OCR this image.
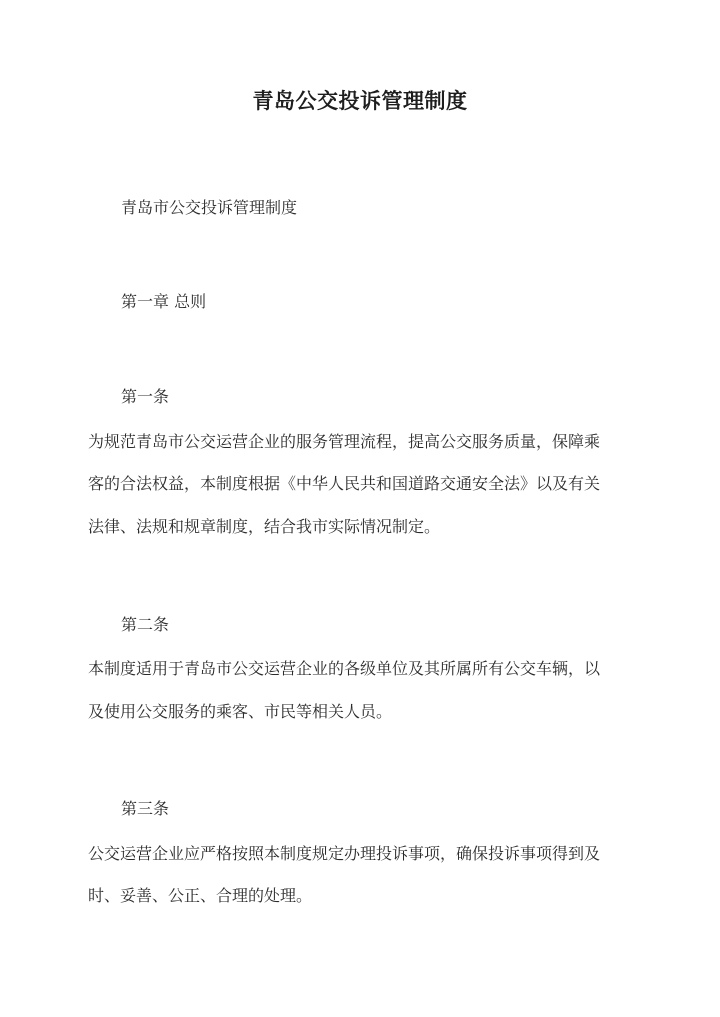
青岛公交投诉管理制度
青岛市公交投诉管理制度
第一章 总则
第一条
为规范青岛市公交运营企业的服务管理流程，提高公交服务质量，保障乘
客的合法权益，本制度根据《中华人民共和国道路交通安全法》以及有关
法律、法规和规章制度，结合我市实际情况制定。
第二条
本制度适用于青岛市公交运营企业的各级单位及其所属所有公交车辆，以
及使用公交服务的乘客、市民等相关人员。
第三条
公交运营企业应严格按照本制度规定办理投诉事项，确保投诉事项得到及
时、妥善、公正、合理的处理。
